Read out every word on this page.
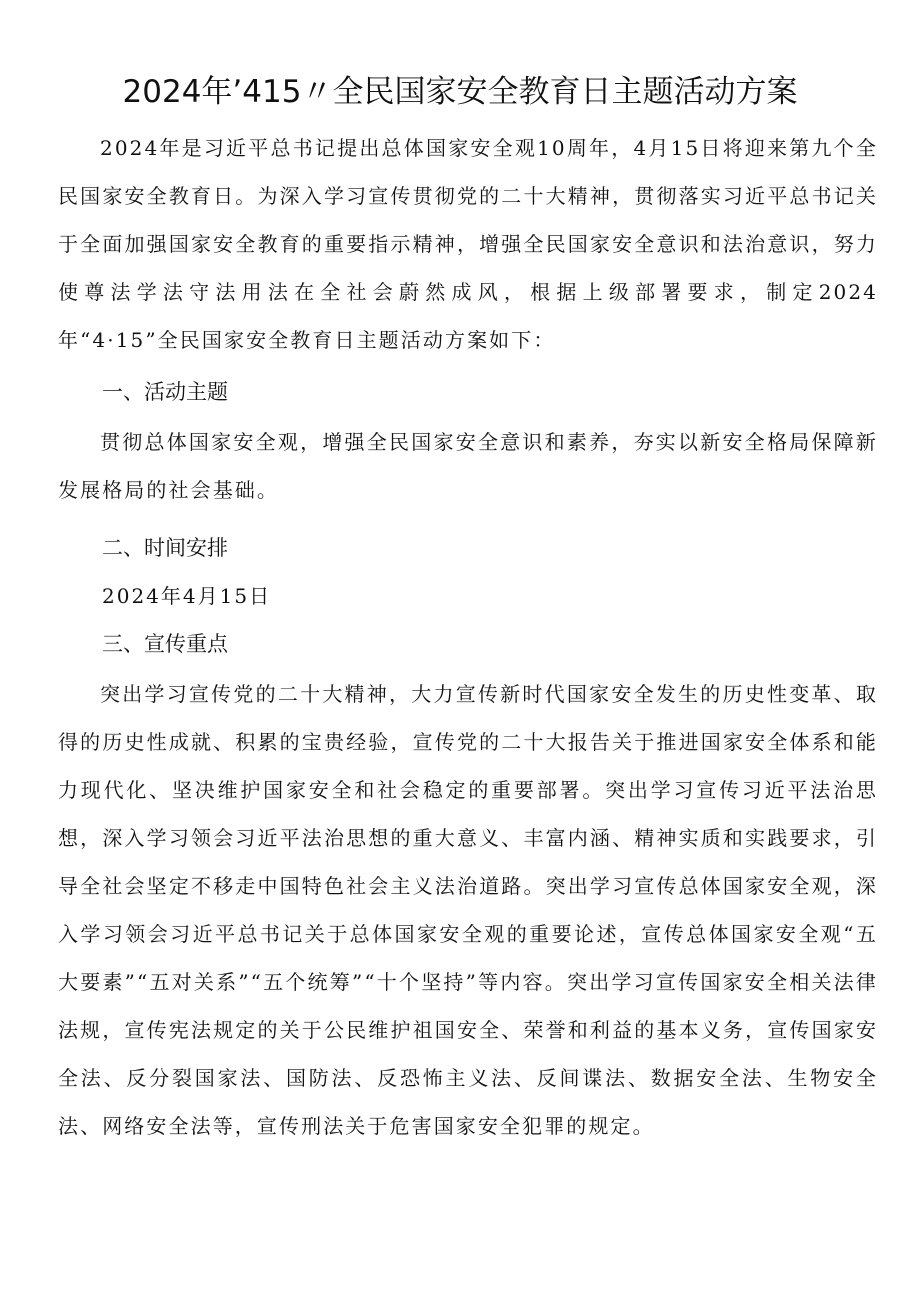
2024年’415〃全民国家安全教育日主题活动方案
2024年是习近平总书记提出总体国家安全观10周年，4月15日将迎来第九个全民国家安全教育日。为深入学习宣传贯彻党的二十大精神，贯彻落实习近平总书记关于全面加强国家安全教育的重要指示精神，增强全民国家安全意识和法治意识，努力使尊法学法守法用法在全社会蔚然成风，根据上级部署要求，制定2024年“4·15”全民国家安全教育日主题活动方案如下：
一、活动主题
贯彻总体国家安全观，增强全民国家安全意识和素养，夯实以新安全格局保障新发展格局的社会基础。
二、时间安排
2024年4月15日
三、宣传重点
突出学习宣传党的二十大精神，大力宣传新时代国家安全发生的历史性变革、取得的历史性成就、积累的宝贵经验，宣传党的二十大报告关于推进国家安全体系和能力现代化、坚决维护国家安全和社会稳定的重要部署。突出学习宣传习近平法治思想，深入学习领会习近平法治思想的重大意义、丰富内涵、精神实质和实践要求，引导全社会坚定不移走中国特色社会主义法治道路。突出学习宣传总体国家安全观，深入学习领会习近平总书记关于总体国家安全观的重要论述，宣传总体国家安全观“五大要素”“五对关系”“五个统筹”“十个坚持”等内容。突出学习宣传国家安全相关法律法规，宣传宪法规定的关于公民维护祖国安全、荣誉和利益的基本义务，宣传国家安全法、反分裂国家法、国防法、反恐怖主义法、反间谍法、数据安全法、生物安全法、网络安全法等，宣传刑法关于危害国家安全犯罪的规定。
